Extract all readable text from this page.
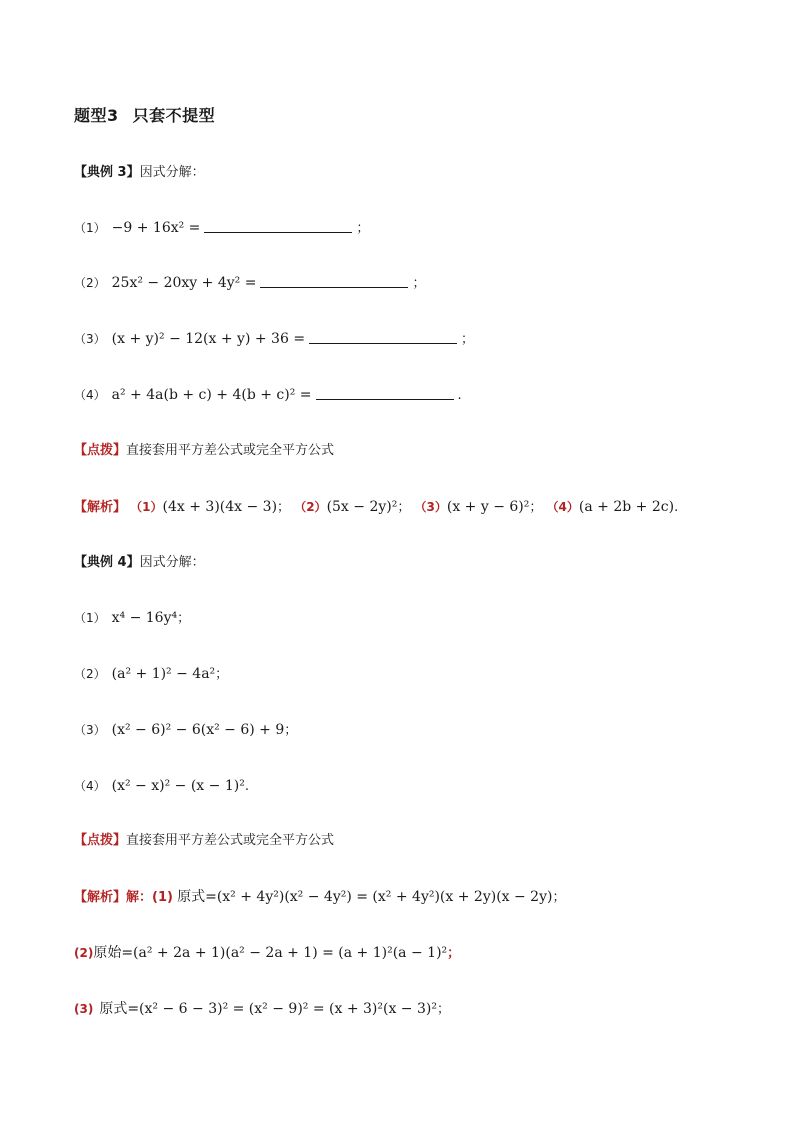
题型3 只套不提型
【典例 3】因式分解：
（1） −9 + 16x² =	；
（2） 25x² − 20xy + 4y² =	；
（3） (x + y)² − 12(x + y) + 36 =	；
（4） a² + 4a(b + c) + 4(b + c)² =	.
【点拨】直接套用平方差公式或完全平方公式
【解析】 （1）(4x + 3)(4x − 3)； （2）(5x − 2y)²； （3）(x + y − 6)²； （4）(a + 2b + 2c).
【典例 4】因式分解：
（1） x⁴ − 16y⁴；
（2） (a² + 1)² − 4a²；
（3） (x² − 6)² − 6(x² − 6) + 9；
（4） (x² − x)² − (x − 1)².
【点拨】直接套用平方差公式或完全平方公式
【解析】解：(1) 原式=(x² + 4y²)(x² − 4y²) = (x² + 4y²)(x + 2y)(x − 2y)；
(2)原始=(a² + 2a + 1)(a² − 2a + 1) = (a + 1)²(a − 1)²；
(3) 原式=(x² − 6 − 3)² = (x² − 9)² = (x + 3)²(x − 3)²；
